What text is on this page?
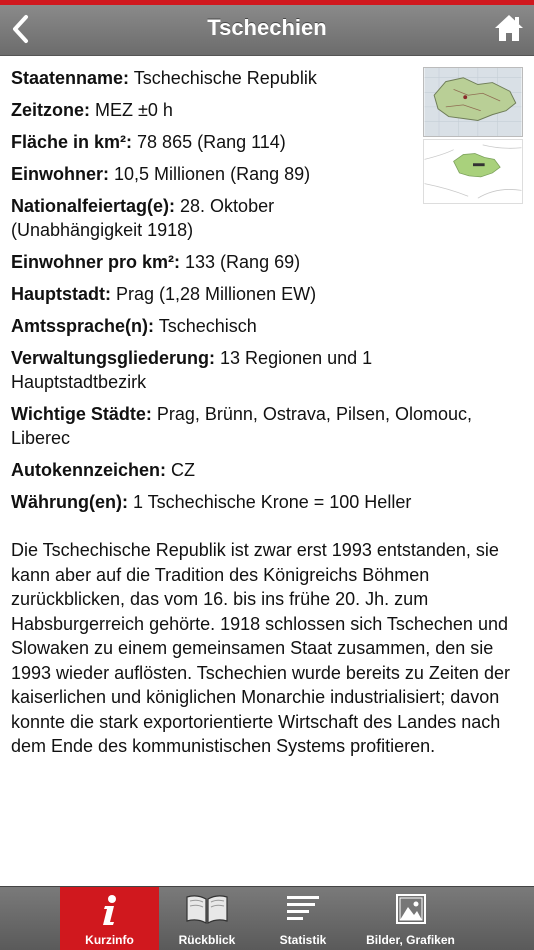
Tschechien
Staatenname: Tschechische Republik
Zeitzone: MEZ ±0 h
Fläche in km²: 78 865 (Rang 114)
Einwohner: 10,5 Millionen (Rang 89)
Nationalfeiertag(e): 28. Oktober (Unabhängigkeit 1918)
Einwohner pro km²: 133 (Rang 69)
Hauptstadt: Prag (1,28 Millionen EW)
Amtssprache(n): Tschechisch
Verwaltungsgliederung: 13 Regionen und 1 Hauptstadtbezirk
Wichtige Städte: Prag, Brünn, Ostrava, Pilsen, Olomouc, Liberec
Autokennzeichen: CZ
Währung(en): 1 Tschechische Krone = 100 Heller

Die Tschechische Republik ist zwar erst 1993 entstanden, sie kann aber auf die Tradition des Königreichs Böhmen zurückblicken, das vom 16. bis ins frühe 20. Jh. zum Habsburgerreich gehörte. 1918 schlossen sich Tschechen und Slowaken zu einem gemeinsamen Staat zusammen, den sie 1993 wieder auflösten. Tschechien wurde bereits zu Zeiten der kaiserlichen und königlichen Monarchie industrialisiert; davon konnte die stark exportorientierte Wirtschaft des Landes nach dem Ende des kommunistischen Systems profitieren.

Kurzinfo	Rückblick	Statistik	Bilder, Grafiken
